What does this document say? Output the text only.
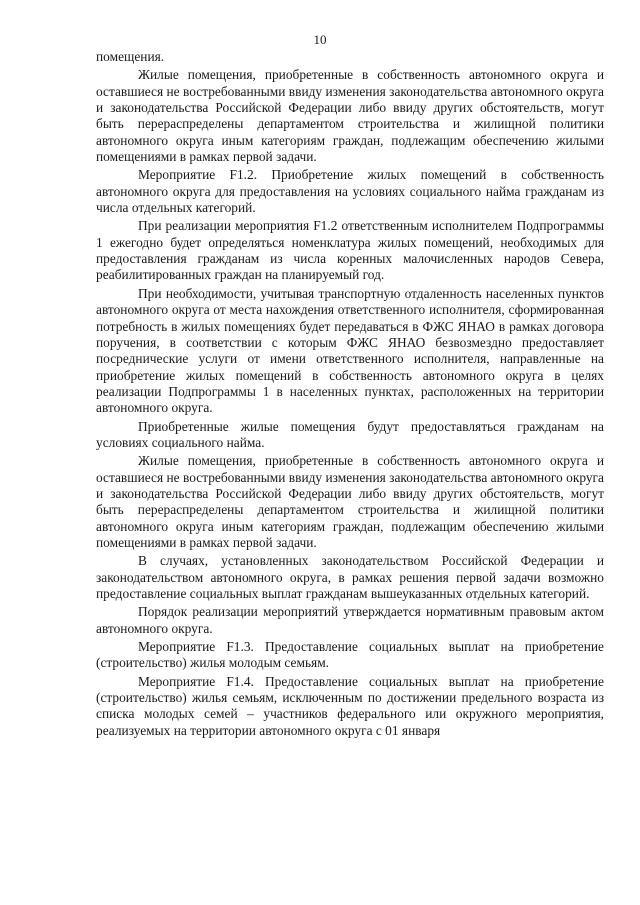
10

помещения.

Жилые помещения, приобретенные в собственность автономного округа и оставшиеся не востребованными ввиду изменения законодательства автономного округа и законодательства Российской Федерации либо ввиду других обстоятельств, могут быть перераспределены департаментом строительства и жилищной политики автономного округа иным категориям граждан, подлежащим обеспечению жилыми помещениями в рамках первой задачи.

Мероприятие F1.2. Приобретение жилых помещений в собственность автономного округа для предоставления на условиях социального найма гражданам из числа отдельных категорий.

При реализации мероприятия F1.2 ответственным исполнителем Подпрограммы 1 ежегодно будет определяться номенклатура жилых помещений, необходимых для предоставления гражданам из числа коренных малочисленных народов Севера, реабилитированных граждан на планируемый год.

При необходимости, учитывая транспортную отдаленность населенных пунктов автономного округа от места нахождения ответственного исполнителя, сформированная потребность в жилых помещениях будет передаваться в ФЖС ЯНАО в рамках договора поручения, в соответствии с которым ФЖС ЯНАО безвозмездно предоставляет посреднические услуги от имени ответственного исполнителя, направленные на приобретение жилых помещений в собственность автономного округа в целях реализации Подпрограммы 1 в населенных пунктах, расположенных на территории автономного округа.

Приобретенные жилые помещения будут предоставляться гражданам на условиях социального найма.

Жилые помещения, приобретенные в собственность автономного округа и оставшиеся не востребованными ввиду изменения законодательства автономного округа и законодательства Российской Федерации либо ввиду других обстоятельств, могут быть перераспределены департаментом строительства и жилищной политики автономного округа иным категориям граждан, подлежащим обеспечению жилыми помещениями в рамках первой задачи.

В случаях, установленных законодательством Российской Федерации и законодательством автономного округа, в рамках решения первой задачи возможно предоставление социальных выплат гражданам вышеуказанных отдельных категорий.

Порядок реализации мероприятий утверждается нормативным правовым актом автономного округа.

Мероприятие F1.3. Предоставление социальных выплат на приобретение (строительство) жилья молодым семьям.

Мероприятие F1.4. Предоставление социальных выплат на приобретение (строительство) жилья семьям, исключенным по достижении предельного возраста из списка молодых семей – участников федерального или окружного мероприятия, реализуемых на территории автономного округа с 01 января
